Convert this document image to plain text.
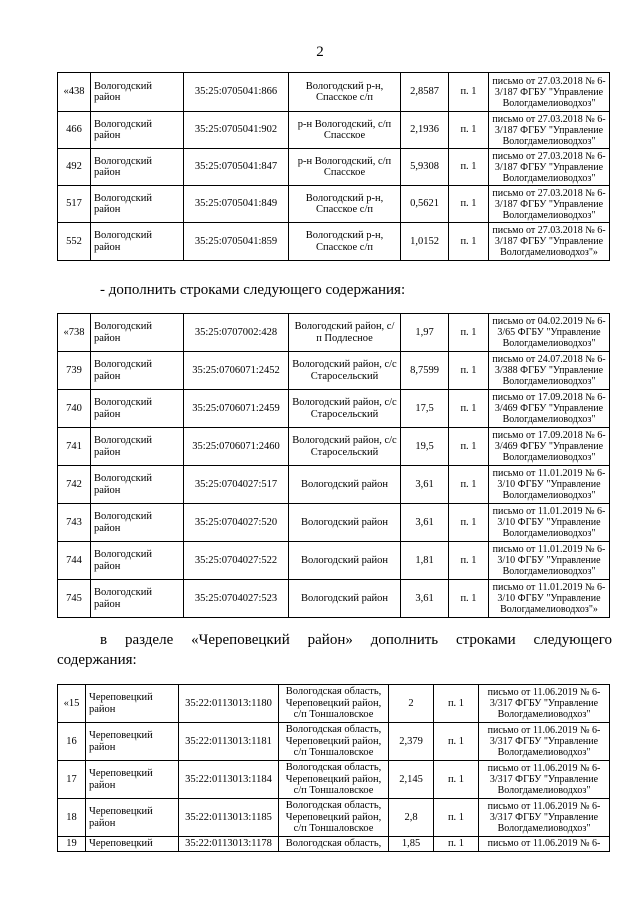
2
«438	Вологодский район	35:25:0705041:866	Вологодский р-н, Спасское с/п	2,8587	п. 1	письмо от 27.03.2018 № 6-3/187 ФГБУ "Управление Вологдамелиоводхоз"
466	Вологодский район	35:25:0705041:902	р-н Вологодский, с/п Спасское	2,1936	п. 1	письмо от 27.03.2018 № 6-3/187 ФГБУ "Управление Вологдамелиоводхоз"
492	Вологодский район	35:25:0705041:847	р-н Вологодский, с/п Спасское	5,9308	п. 1	письмо от 27.03.2018 № 6-3/187 ФГБУ "Управление Вологдамелиоводхоз"
517	Вологодский район	35:25:0705041:849	Вологодский р-н, Спасское с/п	0,5621	п. 1	письмо от 27.03.2018 № 6-3/187 ФГБУ "Управление Вологдамелиоводхоз"
552	Вологодский район	35:25:0705041:859	Вологодский р-н, Спасское с/п	1,0152	п. 1	письмо от 27.03.2018 № 6-3/187 ФГБУ "Управление Вологдамелиоводхоз"»
- дополнить строками следующего содержания:
«738	Вологодский район	35:25:0707002:428	Вологодский район, с/п Подлесное	1,97	п. 1	письмо от 04.02.2019 № 6-3/65 ФГБУ "Управление Вологдамелиоводхоз"
739	Вологодский район	35:25:0706071:2452	Вологодский район, с/с Старосельский	8,7599	п. 1	письмо от 24.07.2018 № 6-3/388 ФГБУ "Управление Вологдамелиоводхоз"
740	Вологодский район	35:25:0706071:2459	Вологодский район, с/с Старосельский	17,5	п. 1	письмо от 17.09.2018 № 6-3/469 ФГБУ "Управление Вологдамелиоводхоз"
741	Вологодский район	35:25:0706071:2460	Вологодский район, с/с Старосельский	19,5	п. 1	письмо от 17.09.2018 № 6-3/469 ФГБУ "Управление Вологдамелиоводхоз"
742	Вологодский район	35:25:0704027:517	Вологодский район	3,61	п. 1	письмо от 11.01.2019 № 6-3/10 ФГБУ "Управление Вологдамелиоводхоз"
743	Вологодский район	35:25:0704027:520	Вологодский район	3,61	п. 1	письмо от 11.01.2019 № 6-3/10 ФГБУ "Управление Вологдамелиоводхоз"
744	Вологодский район	35:25:0704027:522	Вологодский район	1,81	п. 1	письмо от 11.01.2019 № 6-3/10 ФГБУ "Управление Вологдамелиоводхоз"
745	Вологодский район	35:25:0704027:523	Вологодский район	3,61	п. 1	письмо от 11.01.2019 № 6-3/10 ФГБУ "Управление Вологдамелиоводхоз"»
в разделе «Череповецкий район» дополнить строками следующего
содержания:
«15	Череповецкий район	35:22:0113013:1180	Вологодская область, Череповецкий район, с/п Тоншаловское	2	п. 1	письмо от 11.06.2019 № 6-3/317 ФГБУ "Управление Вологдамелиоводхоз"
16	Череповецкий район	35:22:0113013:1181	Вологодская область, Череповецкий район, с/п Тоншаловское	2,379	п. 1	письмо от 11.06.2019 № 6-3/317 ФГБУ "Управление Вологдамелиоводхоз"
17	Череповецкий район	35:22:0113013:1184	Вологодская область, Череповецкий район, с/п Тоншаловское	2,145	п. 1	письмо от 11.06.2019 № 6-3/317 ФГБУ "Управление Вологдамелиоводхоз"
18	Череповецкий район	35:22:0113013:1185	Вологодская область, Череповецкий район, с/п Тоншаловское	2,8	п. 1	письмо от 11.06.2019 № 6-3/317 ФГБУ "Управление Вологдамелиоводхоз"
19	Череповецкий	35:22:0113013:1178	Вологодская область,	1,85	п. 1	письмо от 11.06.2019 № 6-
